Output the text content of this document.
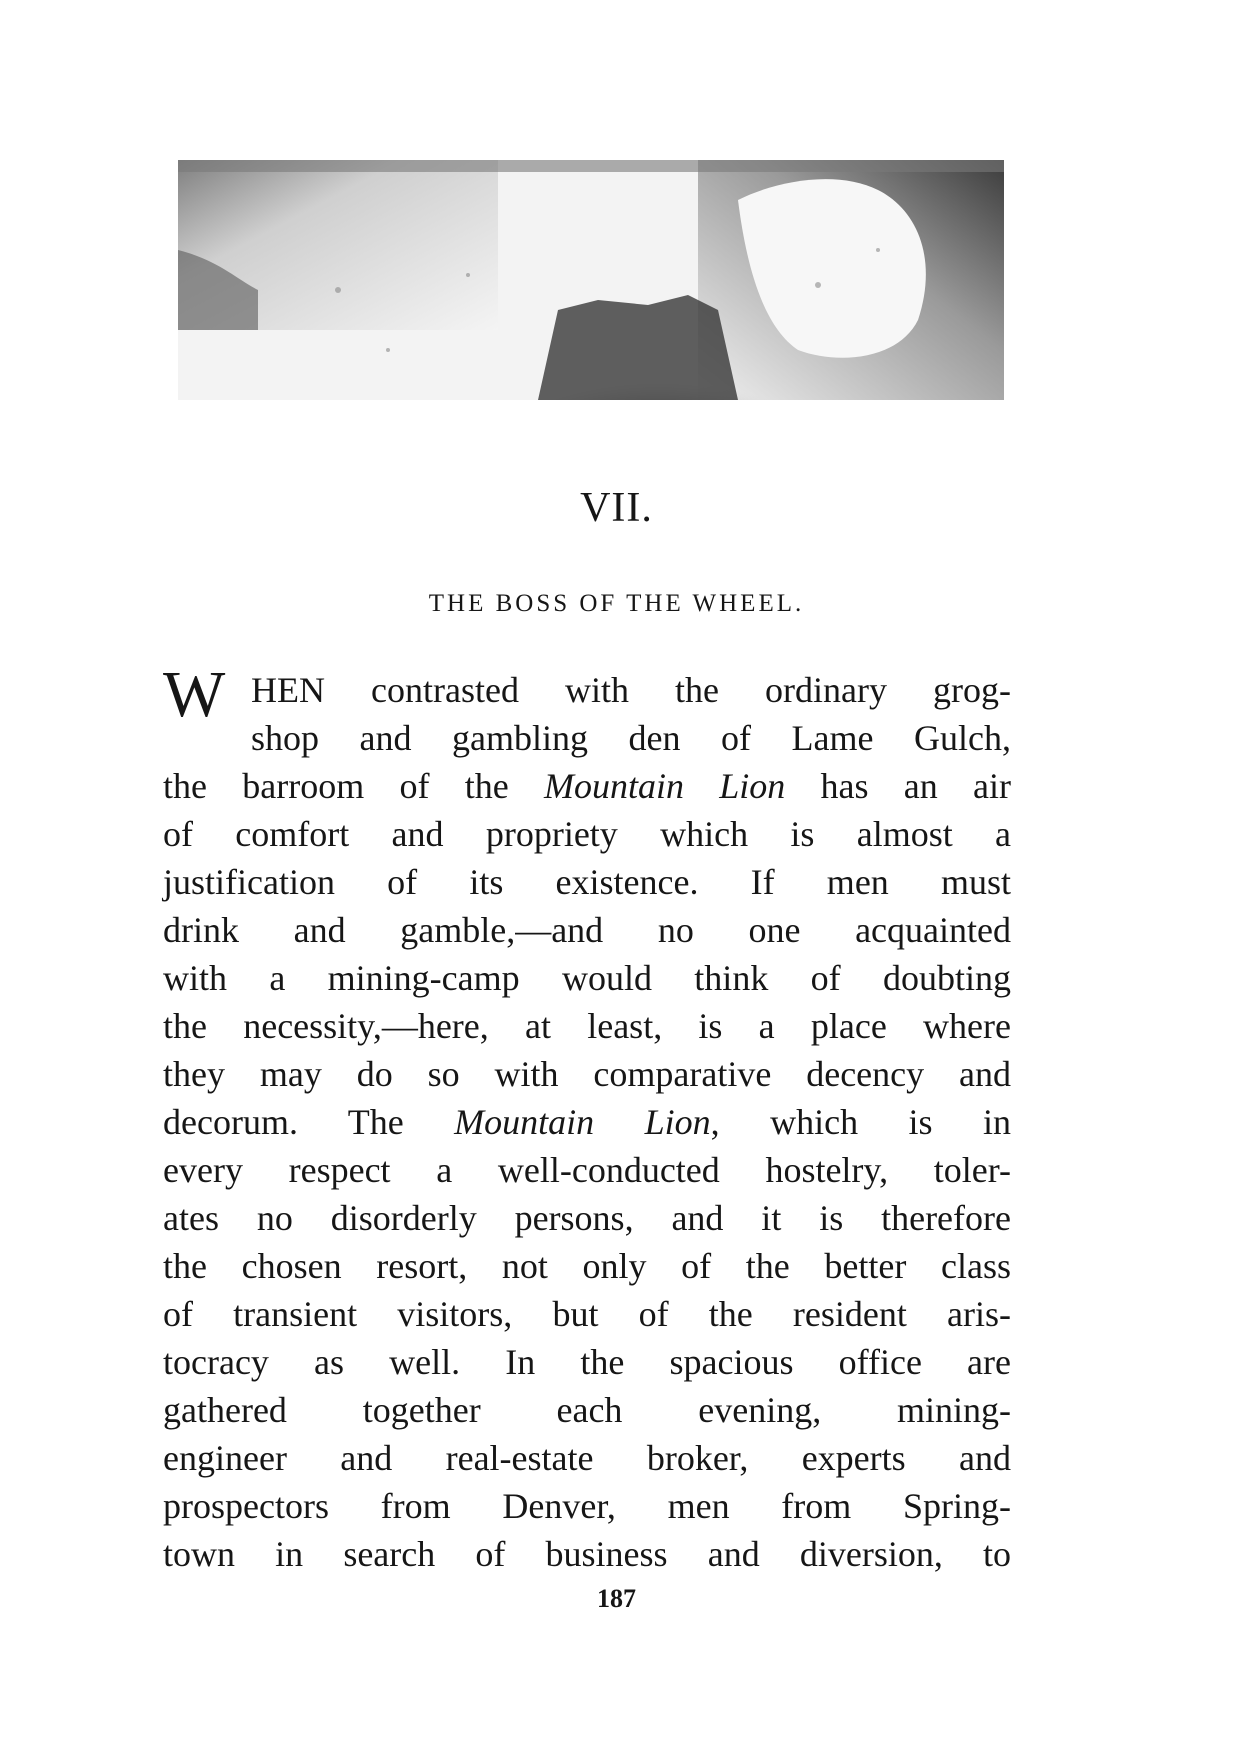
VII.
THE BOSS OF THE WHEEL.
W HEN contrasted with the ordinary grog-
shop and gambling den of Lame Gulch,
the barroom of the Mountain Lion has an air
of comfort and propriety which is almost a
justification of its existence. If men must
drink and gamble,—and no one acquainted
with a mining-camp would think of doubting
the necessity,—here, at least, is a place where
they may do so with comparative decency and
decorum. The Mountain Lion, which is in
every respect a well-conducted hostelry, toler-
ates no disorderly persons, and it is therefore
the chosen resort, not only of the better class
of transient visitors, but of the resident aris-
tocracy as well. In the spacious office are
gathered together each evening, mining-
engineer and real-estate broker, experts and
prospectors from Denver, men from Spring-
town in search of business and diversion, to
187
